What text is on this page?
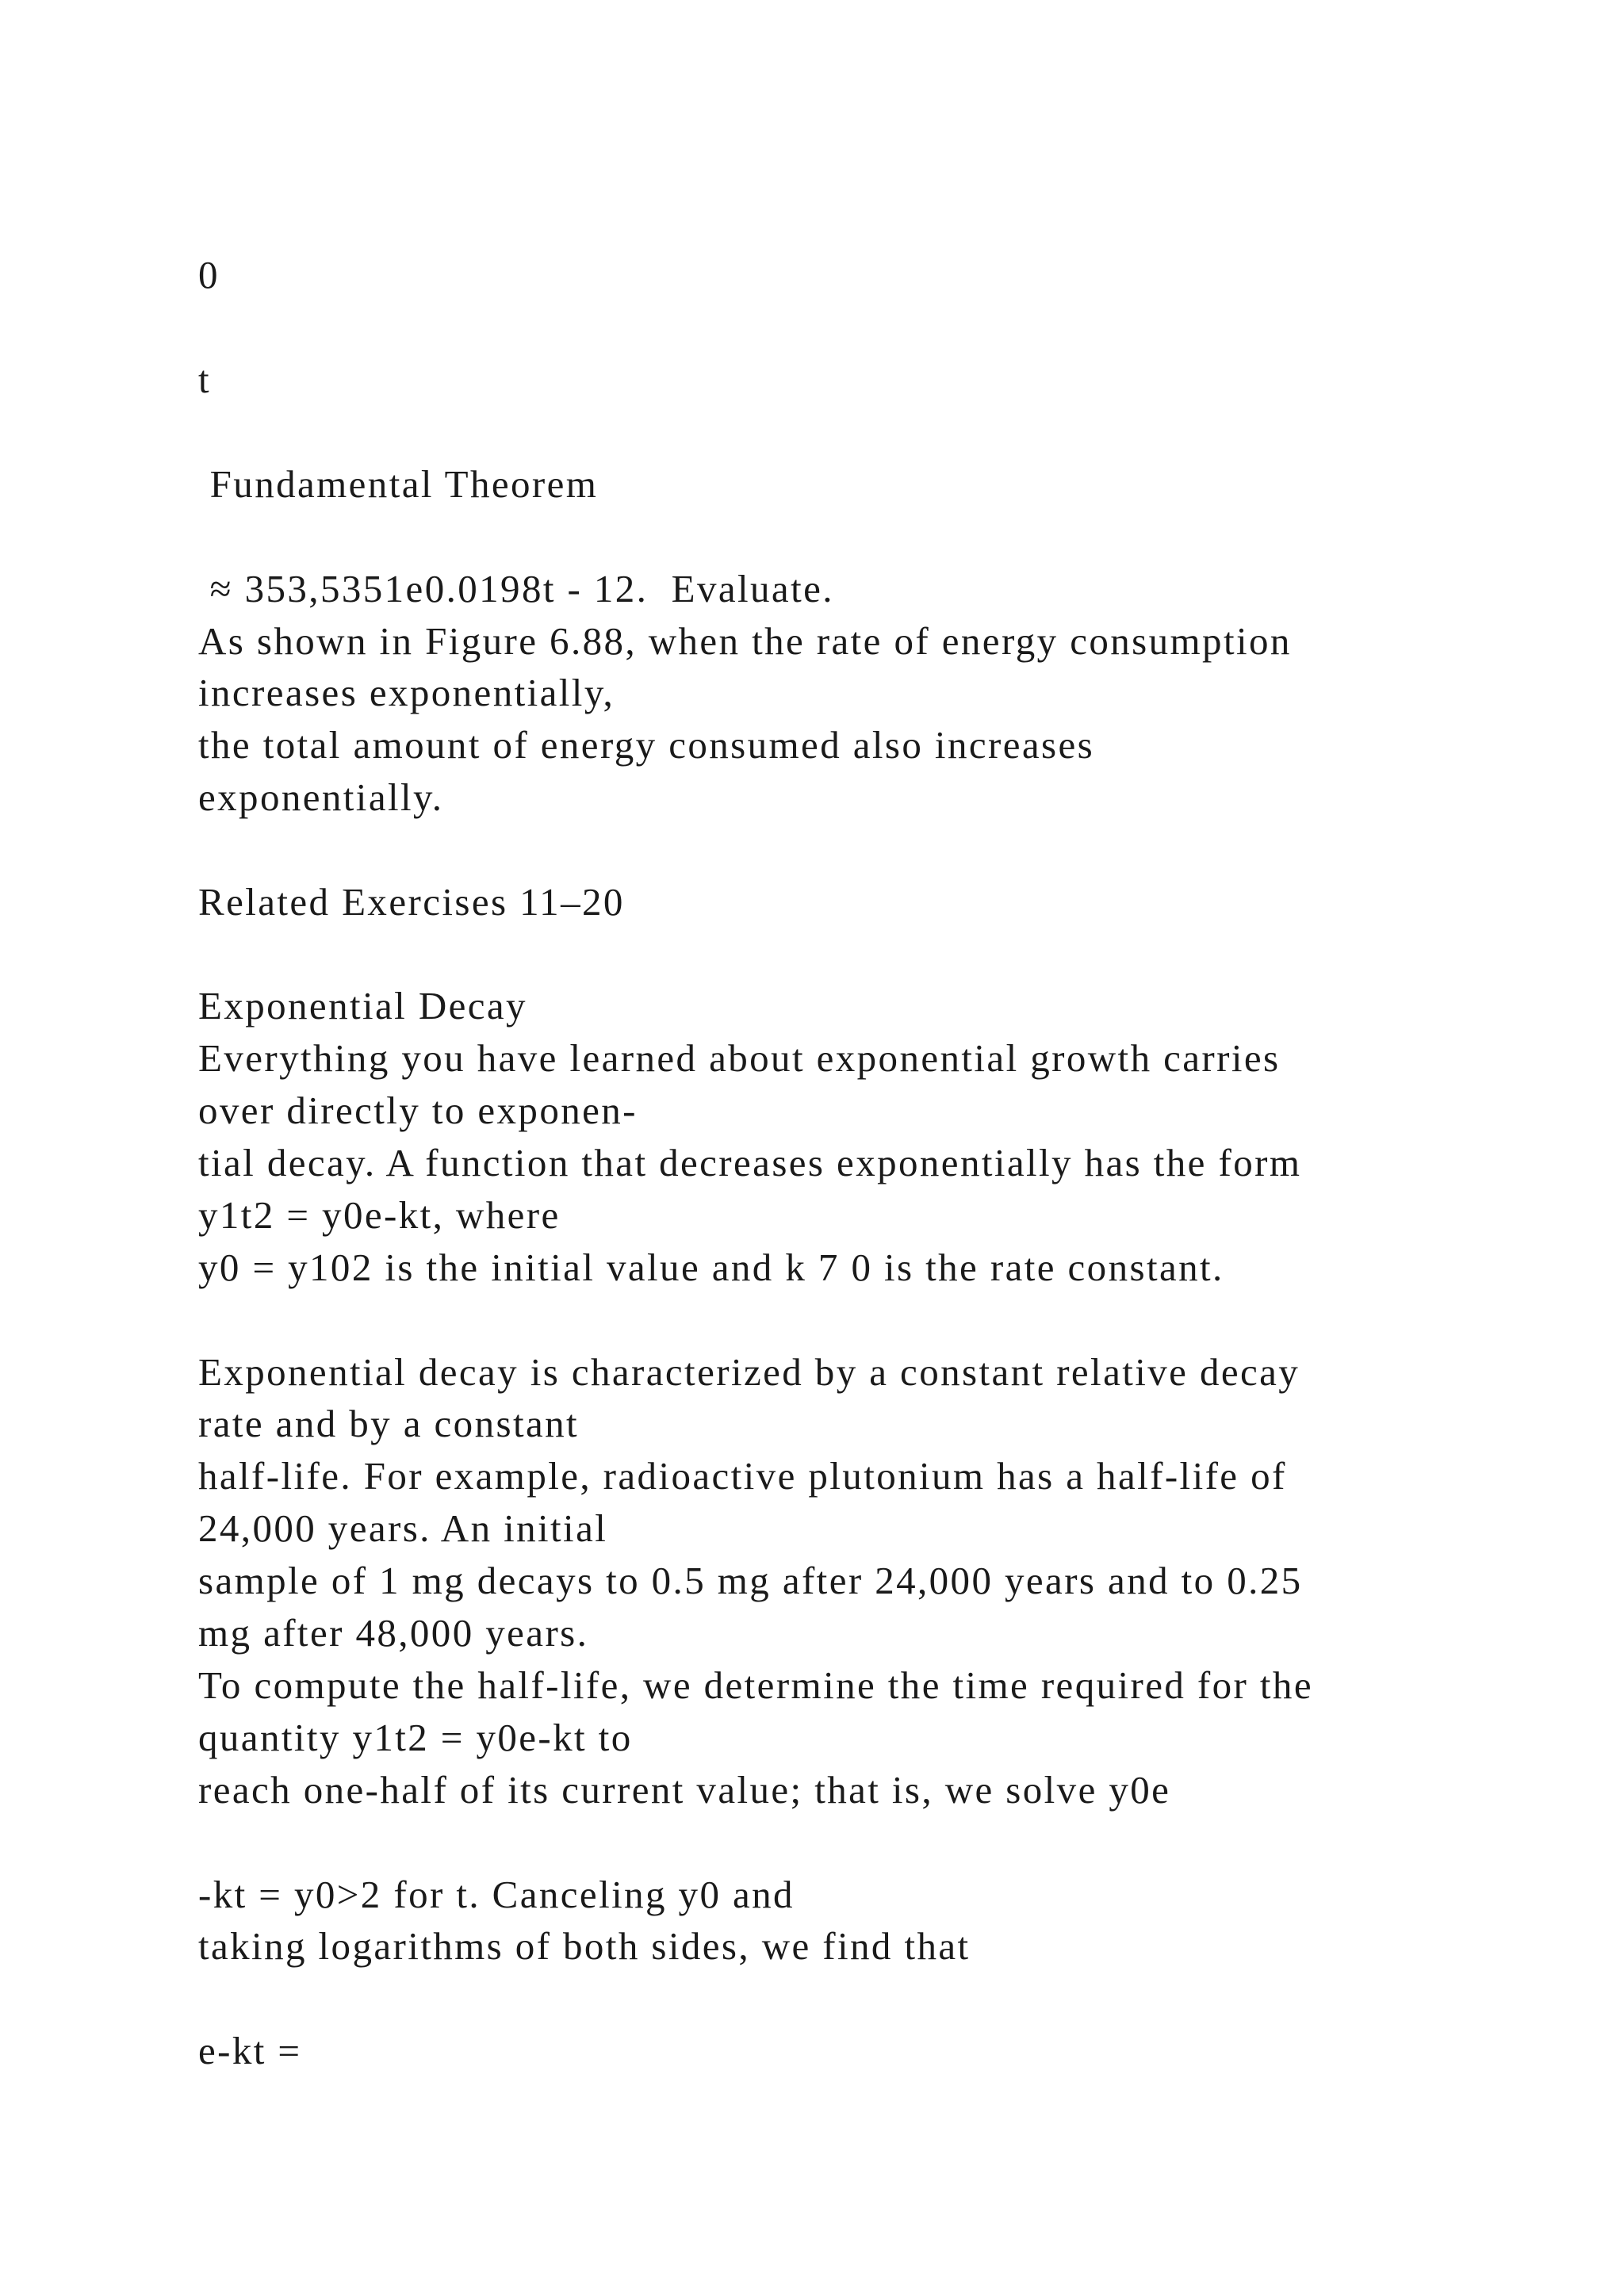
0

t

Fundamental Theorem

≈ 353,5351e0.0198t - 12.  Evaluate.

As shown in Figure 6.88, when the rate of energy consumption

increases exponentially,

the total amount of energy consumed also increases

exponentially.

Related Exercises 11–20

Exponential Decay

Everything you have learned about exponential growth carries

over directly to exponen-

tial decay. A function that decreases exponentially has the form

y1t2 = y0e-kt, where

y0 = y102 is the initial value and k 7 0 is the rate constant.

Exponential decay is characterized by a constant relative decay

rate and by a constant

half-life. For example, radioactive plutonium has a half-life of

24,000 years. An initial

sample of 1 mg decays to 0.5 mg after 24,000 years and to 0.25

mg after 48,000 years.

To compute the half-life, we determine the time required for the

quantity y1t2 = y0e-kt to

reach one-half of its current value; that is, we solve y0e

-kt = y0>2 for t. Canceling y0 and

taking logarithms of both sides, we find that

e-kt =
